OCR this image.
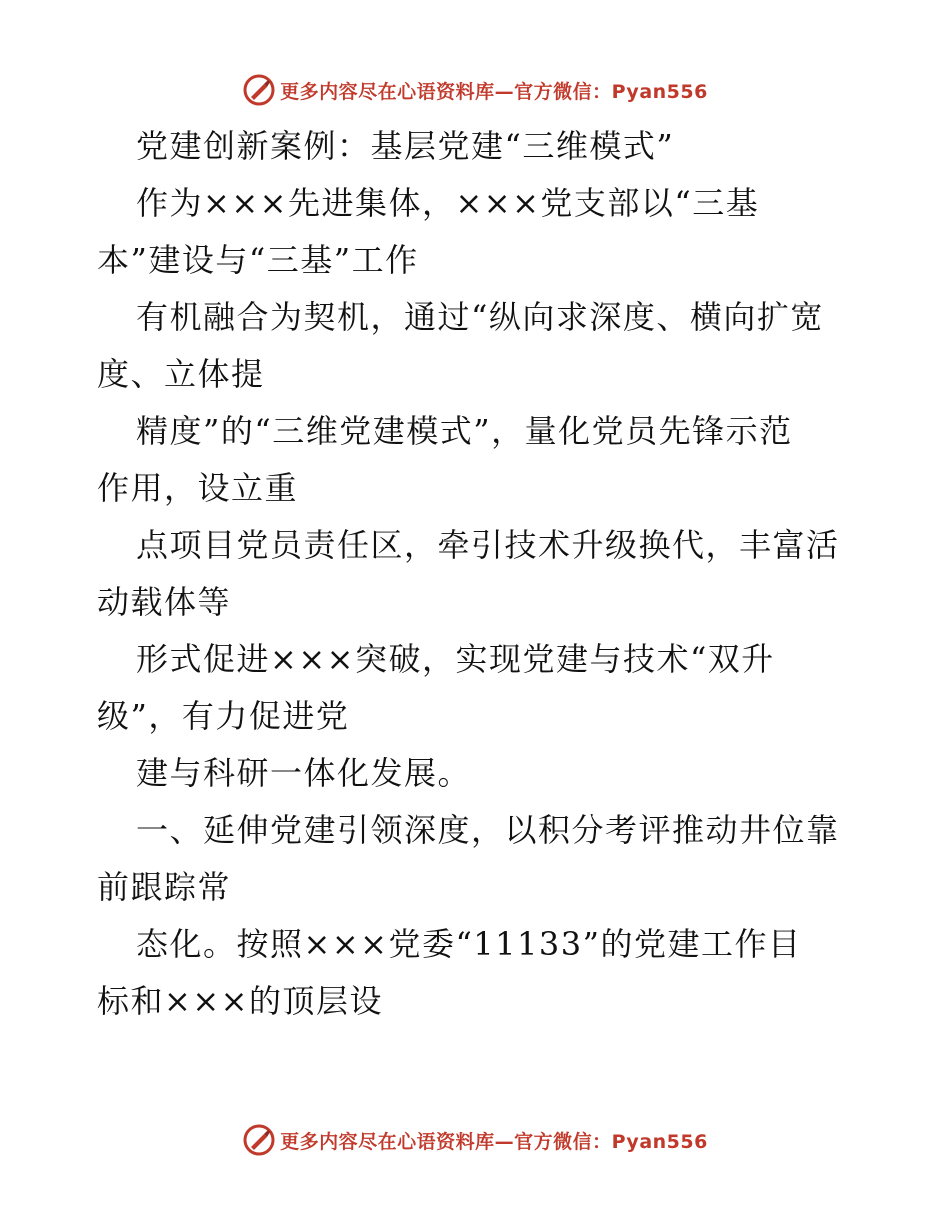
更多内容尽在心语资料库—官方微信：Pyan556
党建创新案例：基层党建“三维模式”
作为×××先进集体，×××党支部以“三基
本”建设与“三基”工作
有机融合为契机，通过“纵向求深度、横向扩宽
度、立体提
精度”的“三维党建模式”，量化党员先锋示范
作用，设立重
点项目党员责任区，牵引技术升级换代，丰富活
动载体等
形式促进×××突破，实现党建与技术“双升
级”，有力促进党
建与科研一体化发展。
一、延伸党建引领深度，以积分考评推动井位靠
前跟踪常
态化。按照×××党委“11133”的党建工作目
标和×××的顶层设
更多内容尽在心语资料库—官方微信：Pyan556
